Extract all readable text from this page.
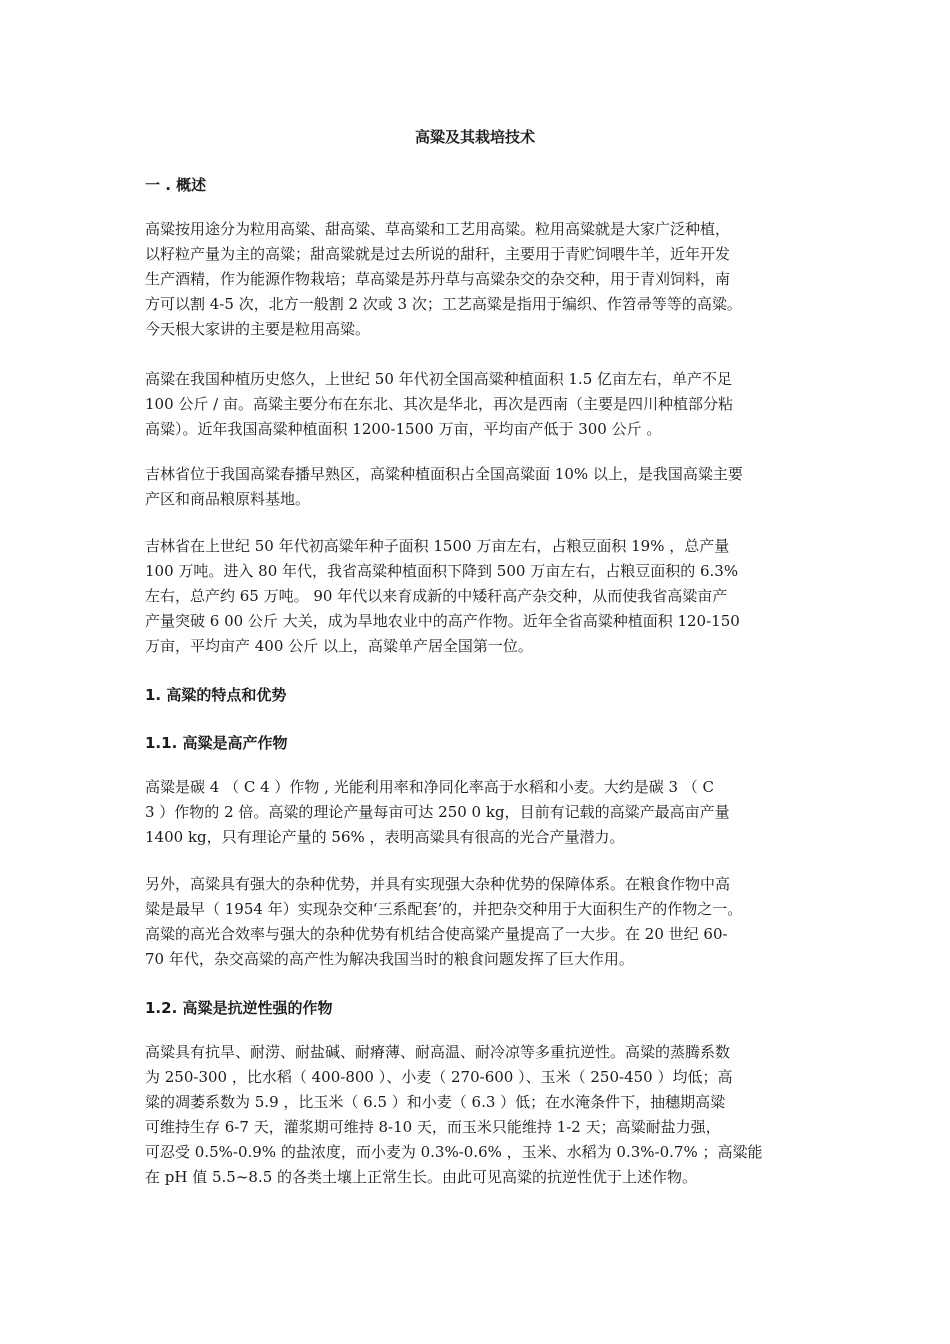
高粱及其栽培技术
一 . 概述

高粱按用途分为粒用高粱、甜高粱、草高粱和工艺用高粱。粒用高粱就是大家广泛种植，
以籽粒产量为主的高粱；甜高粱就是过去所说的甜秆，主要用于青贮饲喂牛羊，近年开发
生产酒精，作为能源作物栽培；草高粱是苏丹草与高粱杂交的杂交种，用于青刈饲料，南
方可以割 4-5 次，北方一般割 2 次或 3 次；工艺高粱是指用于编织、作笤帚等等的高粱。
今天根大家讲的主要是粒用高粱。

高粱在我国种植历史悠久，上世纪 50 年代初全国高粱种植面积 1.5 亿亩左右，单产不足
100 公斤 / 亩。高粱主要分布在东北、其次是华北，再次是西南（主要是四川种植部分粘
高粱）。近年我国高粱种植面积 1200-1500 万亩，平均亩产低于 300 公斤 。

吉林省位于我国高粱春播早熟区，高粱种植面积占全国高粱面 10% 以上，是我国高粱主要
产区和商品粮原料基地。

吉林省在上世纪 50 年代初高粱年种子面积 1500 万亩左右，占粮豆面积 19% ，总产量
100 万吨。进入 80 年代，我省高粱种植面积下降到 500 万亩左右，占粮豆面积的 6.3%
左右，总产约 65 万吨。 90 年代以来育成新的中矮秆高产杂交种，从而使我省高粱亩产
产量突破 6 00 公斤 大关，成为旱地农业中的高产作物。近年全省高粱种植面积 120-150
万亩，平均亩产 400 公斤 以上，高粱单产居全国第一位。

1. 高粱的特点和优势
1.1. 高粱是高产作物

高粱是碳 4 （ C 4 ）作物 , 光能利用率和净同化率高于水稻和小麦。大约是碳 3 （ C
3 ）作物的 2 倍。高粱的理论产量每亩可达 250 0 kg，目前有记载的高粱产最高亩产量
1400 kg，只有理论产量的 56% ，表明高粱具有很高的光合产量潜力。

另外，高粱具有强大的杂种优势，并具有实现强大杂种优势的保障体系。在粮食作物中高
粱是最早（ 1954 年）实现杂交种‘三系配套’的，并把杂交种用于大面积生产的作物之一。
高粱的高光合效率与强大的杂种优势有机结合使高粱产量提高了一大步。在 20 世纪 60-
70 年代，杂交高粱的高产性为解决我国当时的粮食问题发挥了巨大作用。

1.2. 高粱是抗逆性强的作物

高粱具有抗旱、耐涝、耐盐碱、耐瘠薄、耐高温、耐冷凉等多重抗逆性。高粱的蒸腾系数
为 250-300 ，比水稻（ 400-800 ）、小麦（ 270-600 ）、玉米（ 250-450 ）均低；高
粱的凋萎系数为 5.9 ，比玉米（ 6.5 ）和小麦（ 6.3 ）低；在水淹条件下，抽穗期高粱
可维持生存 6-7 天，灌浆期可维持 8-10 天，而玉米只能维持 1-2 天；高粱耐盐力强，
可忍受 0.5%-0.9% 的盐浓度，而小麦为 0.3%-0.6% ，玉米、水稻为 0.3%-0.7% ；高粱能
在 pH 值 5.5~8.5 的各类土壤上正常生长。由此可见高粱的抗逆性优于上述作物。
